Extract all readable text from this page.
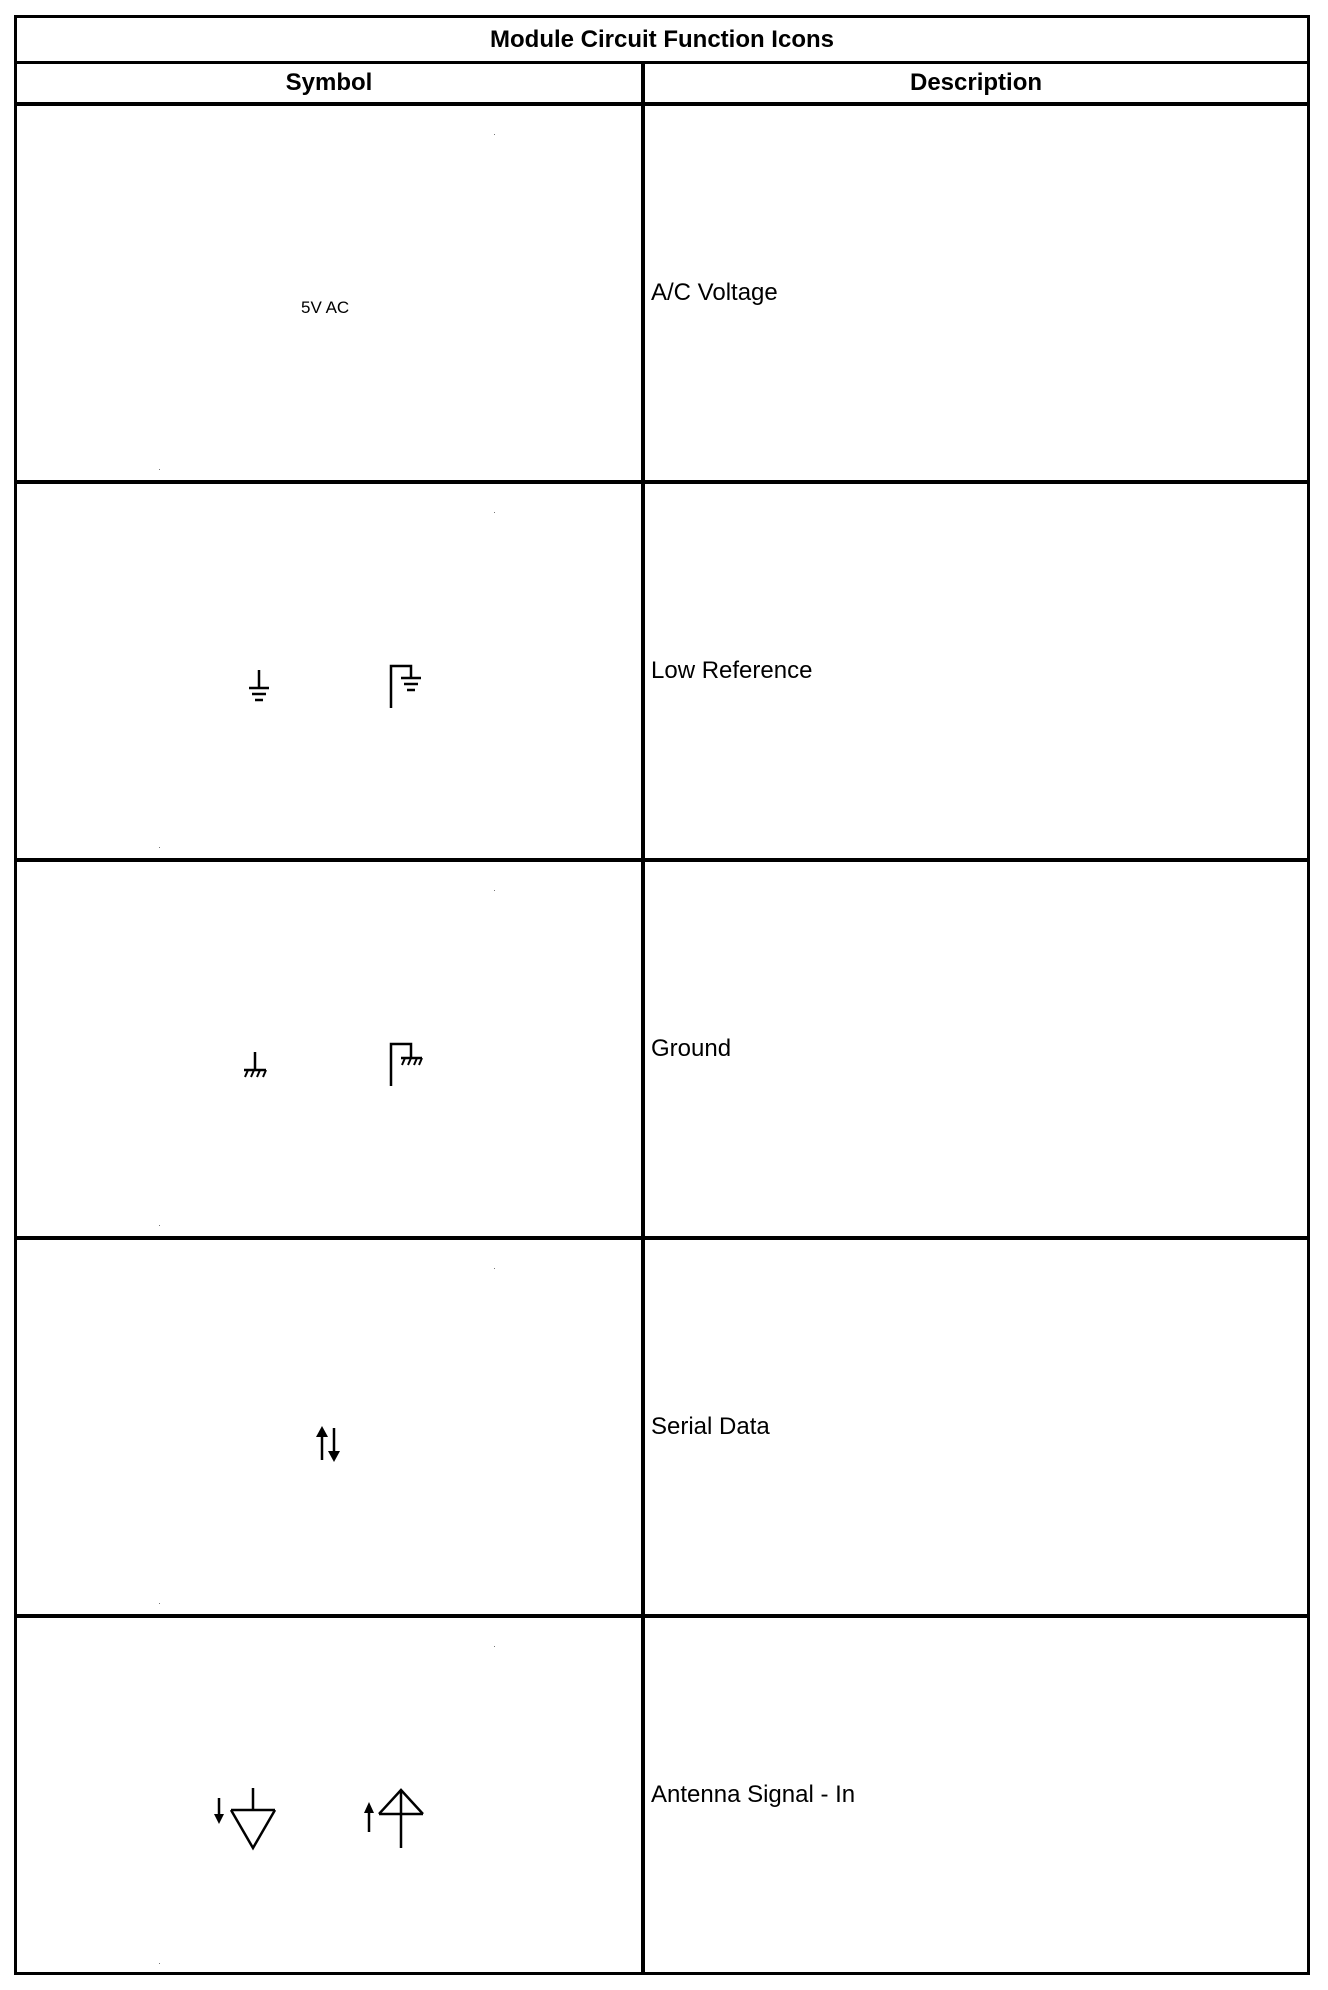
Module Circuit Function Icons
Symbol	Description
5V AC
A/C Voltage
Low Reference
Ground
Serial Data
Antenna Signal - In
